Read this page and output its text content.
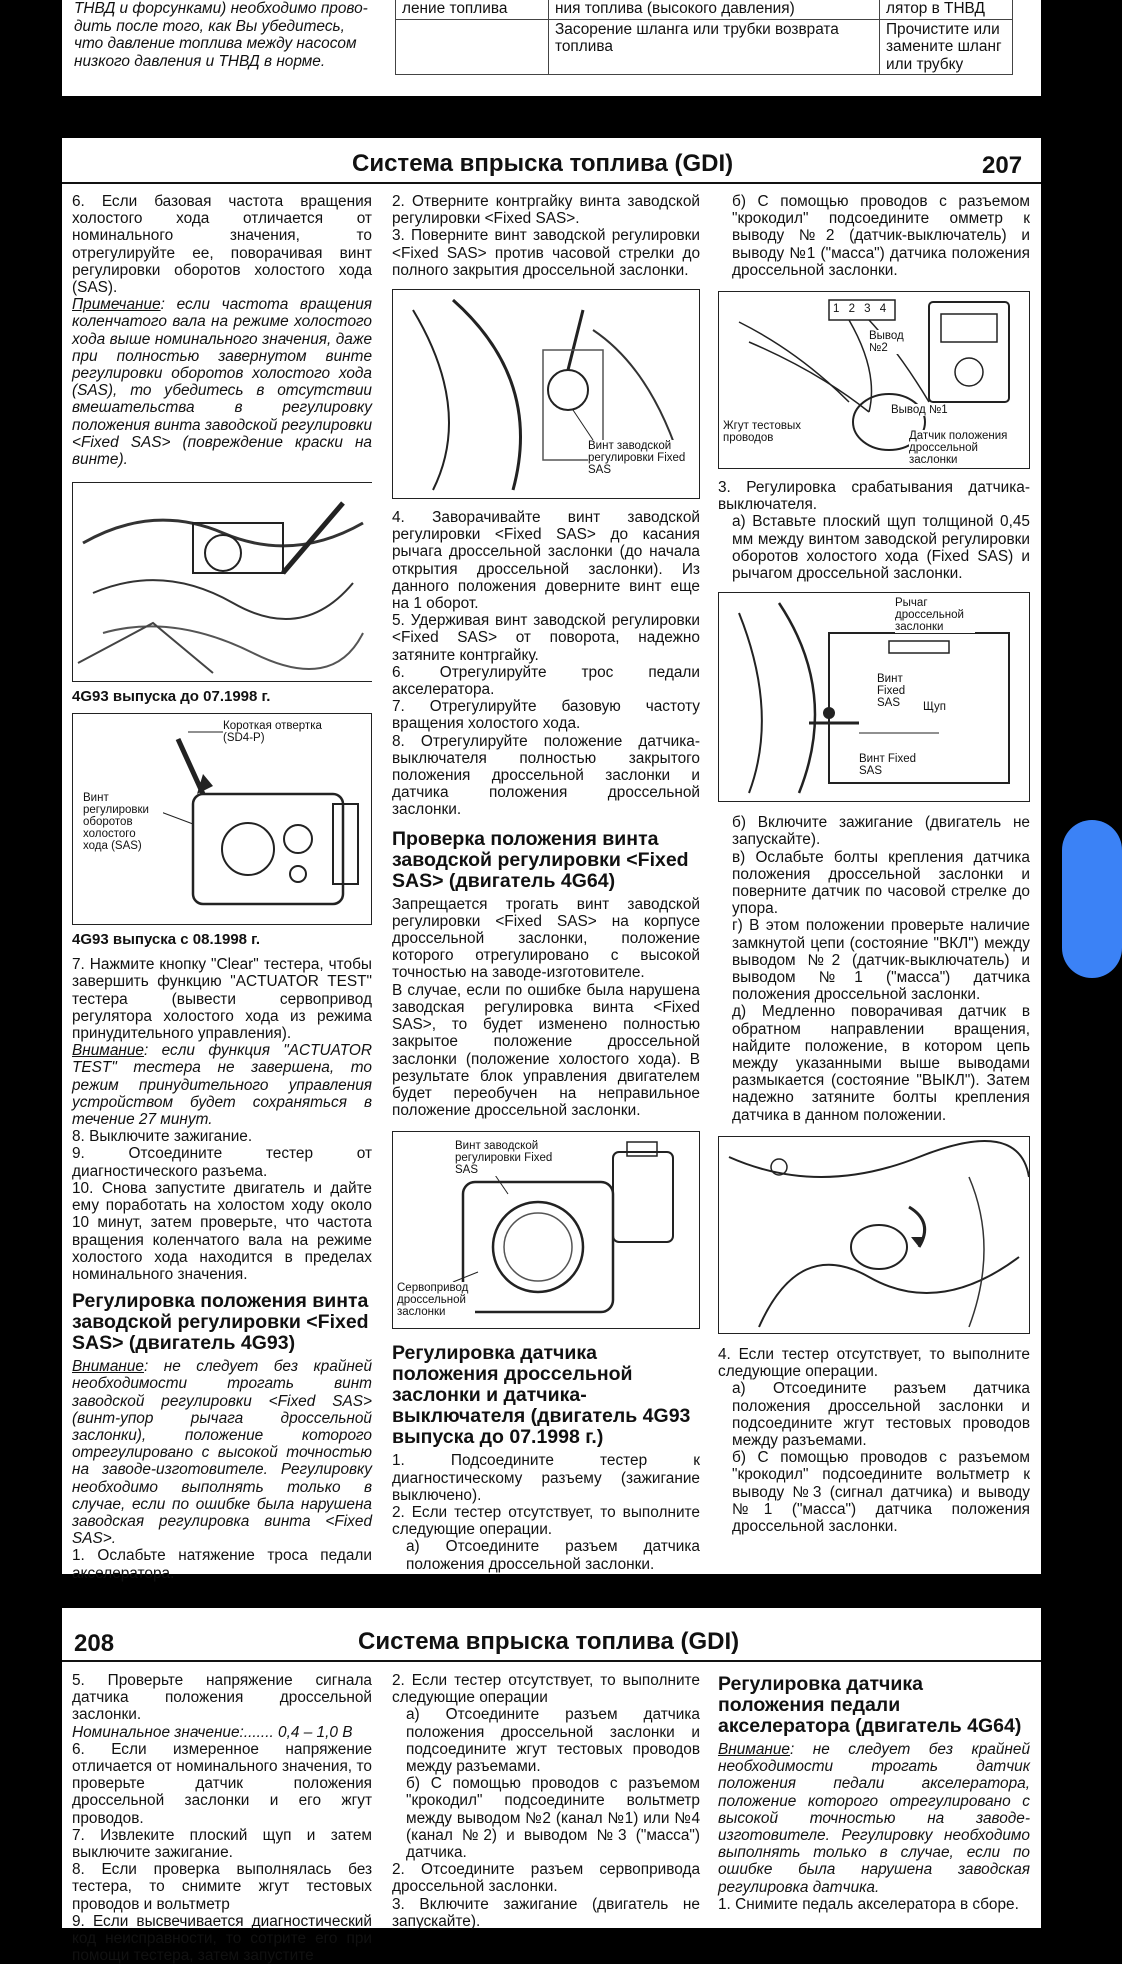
ТНВД и форсунками) необходимо прово-
дить после того, как Вы убедитесь,
что давление топлива между насосом
низкого давления и ТНВД в норме.
ление топлива	ния топлива (высокого давления)	лятор в ТНВД
	Засорение шланга или трубки возврата топлива	Прочистите или замените шланг или трубку
Система впрыска топлива (GDI)	207

6. Если базовая частота вращения холостого хода отличается от номинального значения, то отрегулируйте ее, поворачивая винт регулировки оборотов холостого хода (SAS).

Примечание: если частота вращения коленчатого вала на режиме холостого хода выше номинального значения, даже при полностью завернутом винте регулировки оборотов холостого хода (SAS), то убедитесь в отсутствии вмешательства в регулировку положения винта заводской регулировки <Fixed SAS> (повреждение краски на винте).

4G93 выпуска до 07.1998 г.
Короткая отвертка (SD4-P)
Винт регулировки оборотов холостого хода (SAS)
4G93 выпуска с 08.1998 г.

7. Нажмите кнопку "Clear" тестера, чтобы завершить функцию "ACTUATOR TEST" тестера (вывести сервопривод регулятора холостого хода из режима принудительного управления).

Внимание: если функция "ACTUATOR TEST" тестера не завершена, то режим принудительного управления устройством будет сохраняться в течение 27 минут.

8. Выключите зажигание.

9. Отсоедините тестер от диагностического разъема.

10. Снова запустите двигатель и дайте ему поработать на холостом ходу около 10 минут, затем проверьте, что частота вращения коленчатого вала на режиме холостого хода находится в пределах номинального значения.

Регулировка положения винта заводской регулировки <Fixed SAS> (двигатель 4G93)

Внимание: не следует без крайней необходимости трогать винт заводской регулировки <Fixed SAS> (винт-упор рычага дроссельной заслонки), положение которого отрегулировано с высокой точностью на заводе-изготовителе. Регулировку необходимо выполнять только в случае, если по ошибке была нарушена заводская регулировка винта <Fixed SAS>.

1. Ослабьте натяжение троса педали акселератора.

2. Отверните контргайку винта заводской регулировки <Fixed SAS>.

3. Поверните винт заводской регулировки <Fixed SAS> против часовой стрелки до полного закрытия дроссельной заслонки.

Винт заводской регулировки Fixed SAS

4. Заворачивайте винт заводской регулировки <Fixed SAS> до касания рычага дроссельной заслонки (до начала открытия дроссельной заслонки). Из данного положения доверните винт еще на 1 оборот.

5. Удерживая винт заводской регулировки <Fixed SAS> от поворота, надежно затяните контргайку.

6. Отрегулируйте трос педали акселератора.

7. Отрегулируйте базовую частоту вращения холостого хода.

8. Отрегулируйте положение датчика-выключателя полностью закрытого положения дроссельной заслонки и датчика положения дроссельной заслонки.

Проверка положения винта заводской регулировки <Fixed SAS> (двигатель 4G64)

Запрещается трогать винт заводской регулировки <Fixed SAS> на корпусе дроссельной заслонки, положение которого отрегулировано с высокой точностью на заводе-изготовителе.

В случае, если по ошибке была нарушена заводская регулировка винта <Fixed SAS>, то будет изменено полностью закрытое положение дроссельной заслонки (положение холостого хода). В результате блок управления двигателем будет переобучен на неправильное положение дроссельной заслонки.

Винт заводской регулировки Fixed SAS
Сервопривод дроссельной заслонки
Регулировка датчика положения дроссельной заслонки и датчика-выключателя (двигатель 4G93 выпуска до 07.1998 г.)

1. Подсоедините тестер к диагностическому разъему (зажигание выключено).

2. Если тестер отсутствует, то выполните следующие операции.

а) Отсоедините разъем датчика положения дроссельной заслонки.

б) С помощью проводов с разъемом "крокодил" подсоедините омметр к выводу №2 (датчик-выключатель) и выводу №1 ("масса") датчика положения дроссельной заслонки.

1 2 3 4
Вывод №2
Вывод №1
Жгут тестовых проводов	Датчик положения дроссельной заслонки

3. Регулировка срабатывания датчика-выключателя.

а) Вставьте плоский щуп толщиной 0,45 мм между винтом заводской регулировки оборотов холостого хода (Fixed SAS) и рычагом дроссельной заслонки.

Рычаг дроссельной заслонки
Винт Fixed SAS	Щуп
Винт Fixed SAS

б) Включите зажигание (двигатель не запускайте).

в) Ослабьте болты крепления датчика положения дроссельной заслонки и поверните датчик по часовой стрелке до упора.

г) В этом положении проверьте наличие замкнутой цепи (состояние "ВКЛ") между выводом №2 (датчик-выключатель) и выводом №1 ("масса") датчика положения дроссельной заслонки.

д) Медленно поворачивая датчик в обратном направлении вращения, найдите положение, в котором цепь между указанными выше выводами размыкается (состояние "ВЫКЛ"). Затем надежно затяните болты крепления датчика в данном положении.

4. Если тестер отсутствует, то выполните следующие операции.

а) Отсоедините разъем датчика положения дроссельной заслонки и подсоедините жгут тестовых проводов между разъемами.

б) С помощью проводов с разъемом "крокодил" подсоедините вольтметр к выводу №3 (сигнал датчика) и выводу №1 ("масса") датчика положения дроссельной заслонки.

208	Система впрыска топлива (GDI)

5. Проверьте напряжение сигнала датчика положения дроссельной заслонки.

Номинальное значение:....... 0,4 – 1,0 В

6. Если измеренное напряжение отличается от номинального значения, то проверьте датчик положения дроссельной заслонки и его жгут проводов.

7. Извлеките плоский щуп и затем выключите зажигание.

8. Если проверка выполнялась без тестера, то снимите жгут тестовых проводов и вольтметр

9. Если высвечивается диагностический код неисправности, то сотрите его при помощи тестера, затем запустите

2. Если тестер отсутствует, то выполните следующие операции

а) Отсоедините разъем датчика положения дроссельной заслонки и подсоедините жгут тестовых проводов между разъемами.

б) С помощью проводов с разъемом "крокодил" подсоедините вольтметр между выводом №2 (канал №1) или №4 (канал №2) и выводом №3 ("масса") датчика.

2. Отсоедините разъем сервопривода дроссельной заслонки.

3. Включите зажигание (двигатель не запускайте).

Регулировка датчика положения педали акселератора (двигатель 4G64)

Внимание: не следует без крайней необходимости трогать датчик положения педали акселератора, положение которого отрегулировано с высокой точностью на заводе-изготовителе. Регулировку необходимо выполнять только в случае, если по ошибке была нарушена заводская регулировка датчика.

1. Снимите педаль акселератора в сборе.
